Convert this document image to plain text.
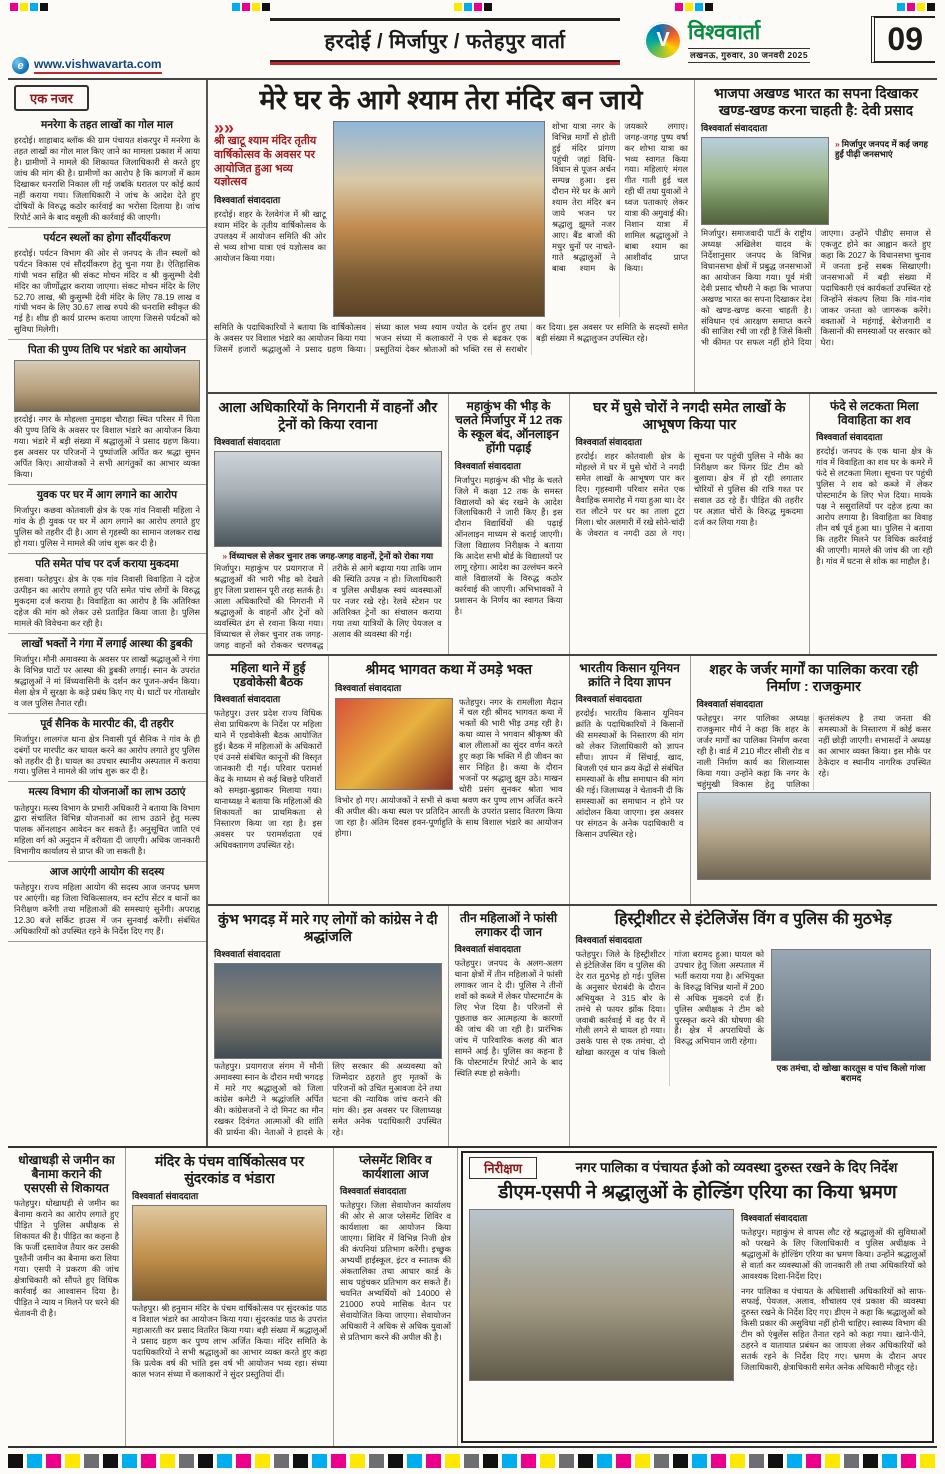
हरदोई / मिर्जापुर / फतेहपुर वार्ता	V विश्ववार्ता
लखनऊ, गुरुवार, 30 जनवरी 2025	09
e www.vishwavarta.com
एक नजर
मनरेगा के तहत लाखों का गोल माल
हरदोई। शाहाबाद ब्लॉक की ग्राम पंचायत शंकरपुर में मनरेगा के तहत लाखों का गोल माल किए जाने का मामला प्रकाश में आया है। ग्रामीणों ने मामले की शिकायत जिलाधिकारी से करते हुए जांच की मांग की है। ग्रामीणों का आरोप है कि कागजों में काम दिखाकर धनराशि निकाल ली गई जबकि धरातल पर कोई कार्य नहीं कराया गया। जिलाधिकारी ने जांच के आदेश देते हुए दोषियों के विरुद्ध कठोर कार्रवाई का भरोसा दिलाया है। जांच रिपोर्ट आने के बाद वसूली की कार्रवाई की जाएगी।
पर्यटन स्थलों का होगा सौंदर्यीकरण
हरदोई। पर्यटन विभाग की ओर से जनपद के तीन स्थलों को पर्यटन विकास एवं सौंदर्यीकरण हेतु चुना गया है। ऐतिहासिक गांधी भवन सहित श्री संकट मोचन मंदिर व श्री कुसुम्भी देवी मंदिर का जीर्णोद्धार कराया जाएगा। संकट मोचन मंदिर के लिए 52.70 लाख, श्री कुसुम्भी देवी मंदिर के लिए 78.19 लाख व गांधी भवन के लिए 30.67 लाख रुपये की धनराशि स्वीकृत की गई है। शीघ्र ही कार्य प्रारम्भ कराया जाएगा जिससे पर्यटकों को सुविधा मिलेगी।
पिता की पुण्य तिथि पर भंडारे का आयोजन
हरदोई। नगर के मोहल्ला नुमाइश चौराहा स्थित परिसर में पिता की पुण्य तिथि के अवसर पर विशाल भंडारे का आयोजन किया गया। भंडारे में बड़ी संख्या में श्रद्धालुओं ने प्रसाद ग्रहण किया। इस अवसर पर परिजनों ने पुष्पांजलि अर्पित कर श्रद्धा सुमन अर्पित किए। आयोजकों ने सभी आगंतुकों का आभार व्यक्त किया।
युवक पर घर में आग लगाने का आरोप
मिर्जापुर। कछवा कोतवाली क्षेत्र के एक गांव निवासी महिला ने गांव के ही युवक पर घर में आग लगाने का आरोप लगाते हुए पुलिस को तहरीर दी है। आग से गृहस्थी का सामान जलकर राख हो गया। पुलिस ने मामले की जांच शुरू कर दी है।
पति समेत पांच पर दर्ज कराया मुकदमा
हसवा। फतेहपुर। क्षेत्र के एक गांव निवासी विवाहिता ने दहेज उत्पीड़न का आरोप लगाते हुए पति समेत पांच लोगों के विरुद्ध मुकदमा दर्ज कराया है। विवाहिता का आरोप है कि अतिरिक्त दहेज की मांग को लेकर उसे प्रताड़ित किया जाता है। पुलिस मामले की विवेचना कर रही है।
लाखों भक्तों ने गंगा में लगाई आस्था की डुबकी
मिर्जापुर। मौनी अमावस्या के अवसर पर लाखों श्रद्धालुओं ने गंगा के विभिन्न घाटों पर आस्था की डुबकी लगाई। स्नान के उपरांत श्रद्धालुओं ने मां विंध्यवासिनी के दर्शन कर पूजन-अर्चन किया। मेला क्षेत्र में सुरक्षा के कड़े प्रबंध किए गए थे। घाटों पर गोताखोर व जल पुलिस तैनात रही।
पूर्व सैनिक के मारपीट की, दी तहरीर
मिर्जापुर। लालगंज थाना क्षेत्र निवासी पूर्व सैनिक ने गांव के ही दबंगों पर मारपीट कर घायल करने का आरोप लगाते हुए पुलिस को तहरीर दी है। घायल का उपचार स्थानीय अस्पताल में कराया गया। पुलिस ने मामले की जांच शुरू कर दी है।
मत्स्य विभाग की योजनाओं का लाभ उठाएं
फतेहपुर। मत्स्य विभाग के प्रभारी अधिकारी ने बताया कि विभाग द्वारा संचालित विभिन्न योजनाओं का लाभ उठाने हेतु मत्स्य पालक ऑनलाइन आवेदन कर सकते हैं। अनुसूचित जाति एवं महिला वर्ग को अनुदान में वरीयता दी जाएगी। अधिक जानकारी विभागीय कार्यालय से प्राप्त की जा सकती है।
आज आएंगी आयोग की सदस्य
फतेहपुर। राज्य महिला आयोग की सदस्य आज जनपद भ्रमण पर आएंगी। वह जिला चिकित्सालय, वन स्टॉप सेंटर व थानों का निरीक्षण करेंगी तथा महिलाओं की समस्याएं सुनेंगी। अपराह्न 12.30 बजे सर्किट हाउस में जन सुनवाई करेंगी। संबंधित अधिकारियों को उपस्थित रहने के निर्देश दिए गए हैं।
मेरे घर के आगे श्याम तेरा मंदिर बन जाये
»»
श्री खाटू श्याम मंदिर तृतीय वार्षिकोत्सव के अवसर पर आयोजित हुआ भव्य यज्ञोत्सव
विश्ववार्ता संवाददाता
हरदोई। शहर के रेलवेगंज में श्री खाटू श्याम मंदिर के तृतीय वार्षिकोत्सव के उपलक्ष्य में आयोजन समिति की ओर से भव्य शोभा यात्रा एवं यज्ञोत्सव का आयोजन किया गया।
शोभा यात्रा नगर के विभिन्न मार्गों से होती हुई मंदिर प्रांगण पहुंची जहां विधि-विधान से पूजन अर्चन सम्पन्न हुआ। इस दौरान मेरे घर के आगे श्याम तेरा मंदिर बन जाये भजन पर श्रद्धालु झूमते नजर आए। बैंड बाजों की मधुर धुनों पर नाचते-गाते श्रद्धालुओं ने बाबा श्याम के जयकारे लगाए। जगह-जगह पुष्प वर्षा कर शोभा यात्रा का भव्य स्वागत किया गया। महिलाएं मंगल गीत गाती हुई चल रही थीं तथा युवाओं ने ध्वज पताकाएं लेकर यात्रा की अगुवाई की। निशान यात्रा में शामिल श्रद्धालुओं ने बाबा श्याम का आशीर्वाद प्राप्त किया।
समिति के पदाधिकारियों ने बताया कि वार्षिकोत्सव के अवसर पर विशाल भंडारे का आयोजन किया गया जिसमें हजारों श्रद्धालुओं ने प्रसाद ग्रहण किया। संध्या काल भव्य श्याम ज्योत के दर्शन हुए तथा भजन संध्या में कलाकारों ने एक से बढ़कर एक प्रस्तुतियां देकर श्रोताओं को भक्ति रस से सराबोर कर दिया। इस अवसर पर समिति के सदस्यों समेत बड़ी संख्या में श्रद्धालुजन उपस्थित रहे।
भाजपा अखण्ड भारत का सपना दिखाकर खण्ड-खण्ड करना चाहती है: देवी प्रसाद
विश्ववार्ता संवाददाता
» मिर्जापुर जनपद में कई जगह हुईं पीढ़ी जनसभाएं
मिर्जापुर। समाजवादी पार्टी के राष्ट्रीय अध्यक्ष अखिलेश यादव के निर्देशानुसार जनपद के विभिन्न विधानसभा क्षेत्रों में प्रबुद्ध जनसभाओं का आयोजन किया गया। पूर्व मंत्री देवी प्रसाद चौधरी ने कहा कि भाजपा अखण्ड भारत का सपना दिखाकर देश को खण्ड-खण्ड करना चाहती है। संविधान एवं आरक्षण समाप्त करने की साजिश रची जा रही है जिसे किसी भी कीमत पर सफल नहीं होने दिया जाएगा। उन्होंने पीडीए समाज से एकजुट होने का आह्वान करते हुए कहा कि 2027 के विधानसभा चुनाव में जनता इन्हें सबक सिखाएगी। जनसभाओं में बड़ी संख्या में पदाधिकारी एवं कार्यकर्ता उपस्थित रहे जिन्होंने संकल्प लिया कि गांव-गांव जाकर जनता को जागरूक करेंगे। वक्ताओं ने महंगाई, बेरोजगारी व किसानों की समस्याओं पर सरकार को घेरा।
आला अधिकारियों के निगरानी में वाहनों और ट्रेनों को किया रवाना
विश्ववार्ता संवाददाता
» विंध्याचल से लेकर चुनार तक जगह-जगह वाहनों, ट्रेनों को रोका गया
मिर्जापुर। महाकुंभ पर प्रयागराज में श्रद्धालुओं की भारी भीड़ को देखते हुए जिला प्रशासन पूरी तरह सतर्क है। आला अधिकारियों की निगरानी में श्रद्धालुओं के वाहनों और ट्रेनों को व्यवस्थित ढंग से रवाना किया गया। विंध्याचल से लेकर चुनार तक जगह-जगह वाहनों को रोककर चरणबद्ध तरीके से आगे बढ़ाया गया ताकि जाम की स्थिति उत्पन्न न हो। जिलाधिकारी व पुलिस अधीक्षक स्वयं व्यवस्थाओं पर नजर रखे रहे। रेलवे स्टेशन पर अतिरिक्त ट्रेनों का संचालन कराया गया तथा यात्रियों के लिए पेयजल व अलाव की व्यवस्था की गई।
महाकुंभ की भीड़ के चलते मिर्जापुर में 12 तक के स्कूल बंद, ऑनलाइन होंगी पढ़ाई
विश्ववार्ता संवाददाता
मिर्जापुर। महाकुंभ की भीड़ के चलते जिले में कक्षा 12 तक के समस्त विद्यालयों को बंद रखने के आदेश जिलाधिकारी ने जारी किए हैं। इस दौरान विद्यार्थियों की पढ़ाई ऑनलाइन माध्यम से कराई जाएगी। जिला विद्यालय निरीक्षक ने बताया कि आदेश सभी बोर्ड के विद्यालयों पर लागू रहेगा। आदेश का उल्लंघन करने वाले विद्यालयों के विरुद्ध कठोर कार्रवाई की जाएगी। अभिभावकों ने प्रशासन के निर्णय का स्वागत किया है।
घर में घुसे चोरों ने नगदी समेत लाखों के आभूषण किया पार
विश्ववार्ता संवाददाता
हरदोई। शहर कोतवाली क्षेत्र के मोहल्ले में घर में घुसे चोरों ने नगदी समेत लाखों के आभूषण पार कर दिए। गृहस्वामी परिवार समेत एक वैवाहिक समारोह में गया हुआ था। देर रात लौटने पर घर का ताला टूटा मिला। चोर अलमारी में रखे सोने-चांदी के जेवरात व नगदी उठा ले गए। सूचना पर पहुंची पुलिस ने मौके का निरीक्षण कर फिंगर प्रिंट टीम को बुलाया। क्षेत्र में हो रही लगातार चोरियों से पुलिस की रात्रि गश्त पर सवाल उठ रहे हैं। पीड़ित की तहरीर पर अज्ञात चोरों के विरुद्ध मुकदमा दर्ज कर लिया गया है।
फंदे से लटकता मिला विवाहिता का शव
विश्ववार्ता संवाददाता
हरदोई। जनपद के एक थाना क्षेत्र के गांव में विवाहिता का शव घर के कमरे में फंदे से लटकता मिला। सूचना पर पहुंची पुलिस ने शव को कब्जे में लेकर पोस्टमार्टम के लिए भेज दिया। मायके पक्ष ने ससुरालियों पर दहेज हत्या का आरोप लगाया है। विवाहिता का विवाह तीन वर्ष पूर्व हुआ था। पुलिस ने बताया कि तहरीर मिलने पर विधिक कार्रवाई की जाएगी। मामले की जांच की जा रही है। गांव में घटना से शोक का माहौल है।
महिला थाने में हुई एडवोकेसी बैठक
विश्ववार्ता संवाददाता
फतेहपुर। उत्तर प्रदेश राज्य विधिक सेवा प्राधिकरण के निर्देश पर महिला थाने में एडवोकेसी बैठक आयोजित हुई। बैठक में महिलाओं के अधिकारों एवं उनसे संबंधित कानूनों की विस्तृत जानकारी दी गई। परिवार परामर्श केंद्र के माध्यम से कई बिछड़े परिवारों को समझा-बुझाकर मिलाया गया। थानाध्यक्ष ने बताया कि महिलाओं की शिकायतों का प्राथमिकता से निस्तारण किया जा रहा है। इस अवसर पर परामर्शदाता एवं अधिवक्तागण उपस्थित रहे।
श्रीमद भागवत कथा में उमड़े भक्त
विश्ववार्ता संवाददाता
फतेहपुर। नगर के रामलीला मैदान में चल रही श्रीमद भागवत कथा में भक्तों की भारी भीड़ उमड़ रही है। कथा व्यास ने भगवान श्रीकृष्ण की बाल लीलाओं का सुंदर वर्णन करते हुए कहा कि भक्ति में ही जीवन का सार निहित है। कथा के दौरान भजनों पर श्रद्धालु झूम उठे। माखन चोरी प्रसंग सुनकर श्रोता भाव विभोर हो गए। आयोजकों ने सभी से कथा श्रवण कर पुण्य लाभ अर्जित करने की अपील की। कथा स्थल पर प्रतिदिन आरती के उपरांत प्रसाद वितरण किया जा रहा है। अंतिम दिवस हवन-पूर्णाहुति के साथ विशाल भंडारे का आयोजन होगा।
भारतीय किसान यूनियन क्रांति ने दिया ज्ञापन
विश्ववार्ता संवाददाता
हरदोई। भारतीय किसान यूनियन क्रांति के पदाधिकारियों ने किसानों की समस्याओं के निस्तारण की मांग को लेकर जिलाधिकारी को ज्ञापन सौंपा। ज्ञापन में सिंचाई, खाद, बिजली एवं धान क्रय केंद्रों से संबंधित समस्याओं के शीघ्र समाधान की मांग की गई। जिलाध्यक्ष ने चेतावनी दी कि समस्याओं का समाधान न होने पर आंदोलन किया जाएगा। इस अवसर पर संगठन के अनेक पदाधिकारी व किसान उपस्थित रहे।
शहर के जर्जर मार्गों का पालिका करवा रही निर्माण : राजकुमार
विश्ववार्ता संवाददाता
फतेहपुर। नगर पालिका अध्यक्ष राजकुमार मौर्य ने कहा कि शहर के जर्जर मार्गों का पालिका निर्माण करवा रही है। वार्ड में 210 मीटर सीसी रोड व नाली निर्माण कार्य का शिलान्यास किया गया। उन्होंने कहा कि नगर के चहुंमुखी विकास हेतु पालिका कृतसंकल्प है तथा जनता की समस्याओं के निस्तारण में कोई कसर नहीं छोड़ी जाएगी। सभासदों ने अध्यक्ष का आभार व्यक्त किया। इस मौके पर ठेकेदार व स्थानीय नागरिक उपस्थित रहे।
कुंभ भगदड़ में मारे गए लोगों को कांग्रेस ने दी श्रद्धांजलि
विश्ववार्ता संवाददाता
फतेहपुर। प्रयागराज संगम में मौनी अमावस्या स्नान के दौरान मची भगदड़ में मारे गए श्रद्धालुओं को जिला कांग्रेस कमेटी ने श्रद्धांजलि अर्पित की। कांग्रेसजनों ने दो मिनट का मौन रखकर दिवंगत आत्माओं की शांति की प्रार्थना की। नेताओं ने हादसे के लिए सरकार की अव्यवस्था को जिम्मेदार ठहराते हुए मृतकों के परिजनों को उचित मुआवजा देने तथा घटना की न्यायिक जांच कराने की मांग की। इस अवसर पर जिलाध्यक्ष समेत अनेक पदाधिकारी उपस्थित रहे।
तीन महिलाओं ने फांसी लगाकर दी जान
विश्ववार्ता संवाददाता
फतेहपुर। जनपद के अलग-अलग थाना क्षेत्रों में तीन महिलाओं ने फांसी लगाकर जान दे दी। पुलिस ने तीनों शवों को कब्जे में लेकर पोस्टमार्टम के लिए भेज दिया है। परिजनों से पूछताछ कर आत्महत्या के कारणों की जांच की जा रही है। प्रारंभिक जांच में पारिवारिक कलह की बात सामने आई है। पुलिस का कहना है कि पोस्टमार्टम रिपोर्ट आने के बाद स्थिति स्पष्ट हो सकेगी।
हिस्ट्रीशीटर से इंटेलिजेंस विंग व पुलिस की मुठभेड़
विश्ववार्ता संवाददाता
फतेहपुर। जिले के हिस्ट्रीशीटर से इंटेलिजेंस विंग व पुलिस की देर रात मुठभेड़ हो गई। पुलिस के अनुसार घेराबंदी के दौरान अभियुक्त ने 315 बोर के तमंचे से फायर झोंक दिया। जवाबी कार्रवाई में वह पैर में गोली लगने से घायल हो गया। उसके पास से एक तमंचा, दो खोखा कारतूस व पांच किलो गांजा बरामद हुआ। घायल को उपचार हेतु जिला अस्पताल में भर्ती कराया गया है। अभियुक्त के विरुद्ध विभिन्न थानों में 200 से अधिक मुकदमे दर्ज हैं। पुलिस अधीक्षक ने टीम को पुरस्कृत करने की घोषणा की है। क्षेत्र में अपराधियों के विरुद्ध अभियान जारी रहेगा।
एक तमंचा, दो खोखा कारतूस व पांच किलो गांजा बरामद
धोखाधड़ी से जमीन का बैनामा कराने की एसएसी से शिकायत
फतेहपुर। धोखाधड़ी से जमीन का बैनामा कराने का आरोप लगाते हुए पीड़ित ने पुलिस अधीक्षक से शिकायत की है। पीड़ित का कहना है कि फर्जी दस्तावेज तैयार कर उसकी पुश्तैनी जमीन का बैनामा करा लिया गया। एसपी ने प्रकरण की जांच क्षेत्राधिकारी को सौंपते हुए विधिक कार्रवाई का आश्वासन दिया है। पीड़ित ने न्याय न मिलने पर धरने की चेतावनी दी है।
मंदिर के पंचम वार्षिकोत्सव पर सुंदरकांड व भंडारा
विश्ववार्ता संवाददाता
फतेहपुर। श्री हनुमान मंदिर के पंचम वार्षिकोत्सव पर सुंदरकांड पाठ व विशाल भंडारे का आयोजन किया गया। सुंदरकांड पाठ के उपरांत महाआरती कर प्रसाद वितरित किया गया। बड़ी संख्या में श्रद्धालुओं ने प्रसाद ग्रहण कर पुण्य लाभ अर्जित किया। मंदिर समिति के पदाधिकारियों ने सभी श्रद्धालुओं का आभार व्यक्त करते हुए कहा कि प्रत्येक वर्ष की भांति इस वर्ष भी आयोजन भव्य रहा। संध्या काल भजन संध्या में कलाकारों ने सुंदर प्रस्तुतियां दीं।
प्लेसमेंट शिविर व कार्यशाला आज
विश्ववार्ता संवाददाता
फतेहपुर। जिला सेवायोजन कार्यालय की ओर से आज प्लेसमेंट शिविर व कार्यशाला का आयोजन किया जाएगा। शिविर में विभिन्न निजी क्षेत्र की कंपनियां प्रतिभाग करेंगी। इच्छुक अभ्यर्थी हाईस्कूल, इंटर व स्नातक की अंकतालिका तथा आधार कार्ड के साथ पहुंचकर प्रतिभाग कर सकते हैं। चयनित अभ्यर्थियों को 14000 से 21000 रुपये मासिक वेतन पर सेवायोजित किया जाएगा। सेवायोजन अधिकारी ने अधिक से अधिक युवाओं से प्रतिभाग करने की अपील की है।
निरीक्षण	नगर पालिका व पंचायत ईओ को व्यवस्था दुरुस्त रखने के दिए निर्देश
डीएम-एसपी ने श्रद्धालुओं के होल्डिंग एरिया का किया भ्रमण
विश्ववार्ता संवाददाता
फतेहपुर। महाकुंभ से वापस लौट रहे श्रद्धालुओं की सुविधाओं को परखने के लिए जिलाधिकारी व पुलिस अधीक्षक ने श्रद्धालुओं के होल्डिंग एरिया का भ्रमण किया। उन्होंने श्रद्धालुओं से वार्ता कर व्यवस्थाओं की जानकारी ली तथा अधिकारियों को आवश्यक दिशा-निर्देश दिए।
नगर पालिका व पंचायत के अधिशासी अधिकारियों को साफ-सफाई, पेयजल, अलाव, शौचालय एवं प्रकाश की व्यवस्था दुरुस्त रखने के निर्देश दिए गए। डीएम ने कहा कि श्रद्धालुओं को किसी प्रकार की असुविधा नहीं होनी चाहिए। स्वास्थ्य विभाग की टीम को एंबुलेंस सहित तैनात रहने को कहा गया। खाने-पीने, ठहरने व यातायात प्रबंधन का जायजा लेकर अधिकारियों को सतर्क रहने के निर्देश दिए गए। भ्रमण के दौरान अपर जिलाधिकारी, क्षेत्राधिकारी समेत अनेक अधिकारी मौजूद रहे।
